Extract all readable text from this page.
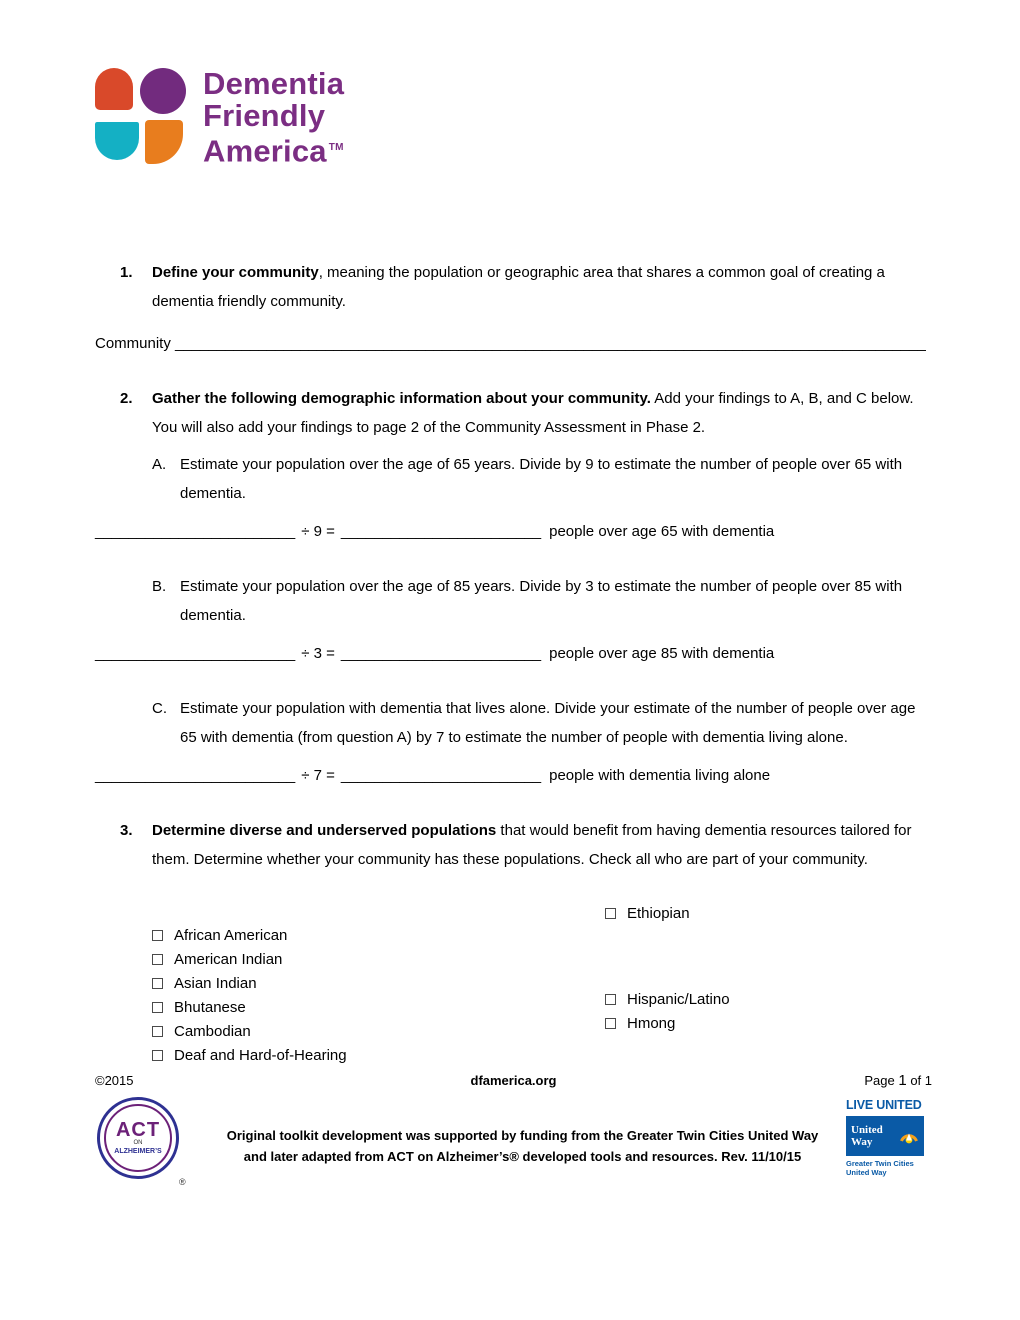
Dementia
Friendly
America ™
1. Define your community, meaning the population or geographic area that shares a common goal of creating a dementia friendly community.
Community __________________________________________________________________________________________
2. Gather the following demographic information about your community. Add your findings to A, B, and C below. You will also add your findings to page 2 of the Community Assessment in Phase 2.
A. Estimate your population over the age of 65 years. Divide by 9 to estimate the number of people over 65 with dementia.
________________________ ÷ 9 = ________________________ people over age 65 with dementia
B. Estimate your population over the age of 85 years. Divide by 3 to estimate the number of people over 85 with dementia.
________________________ ÷ 3 = ________________________ people over age 85 with dementia
C. Estimate your population with dementia that lives alone. Divide your estimate of the number of people over age 65 with dementia (from question A) by 7 to estimate the number of people with dementia living alone.
________________________ ÷ 7 = ________________________ people with dementia living alone
3. Determine diverse and underserved populations that would benefit from having dementia resources tailored for them. Determine whether your community has these populations. Check all who are part of your community.
African American
American Indian
Asian Indian
Bhutanese
Cambodian
Deaf and Hard-of-Hearing
Ethiopian
Hispanic/Latino
Hmong
©2015	dfamerica.org	Page 1 of 1
ACT
ON
ALZHEIMER’S
®
Original toolkit development was supported by funding from the Greater Twin Cities United Way
and later adapted from ACT on Alzheimer’s® developed tools and resources. Rev. 11/10/15
LIVE UNITED
United
Way
Greater Twin Cities
United Way
